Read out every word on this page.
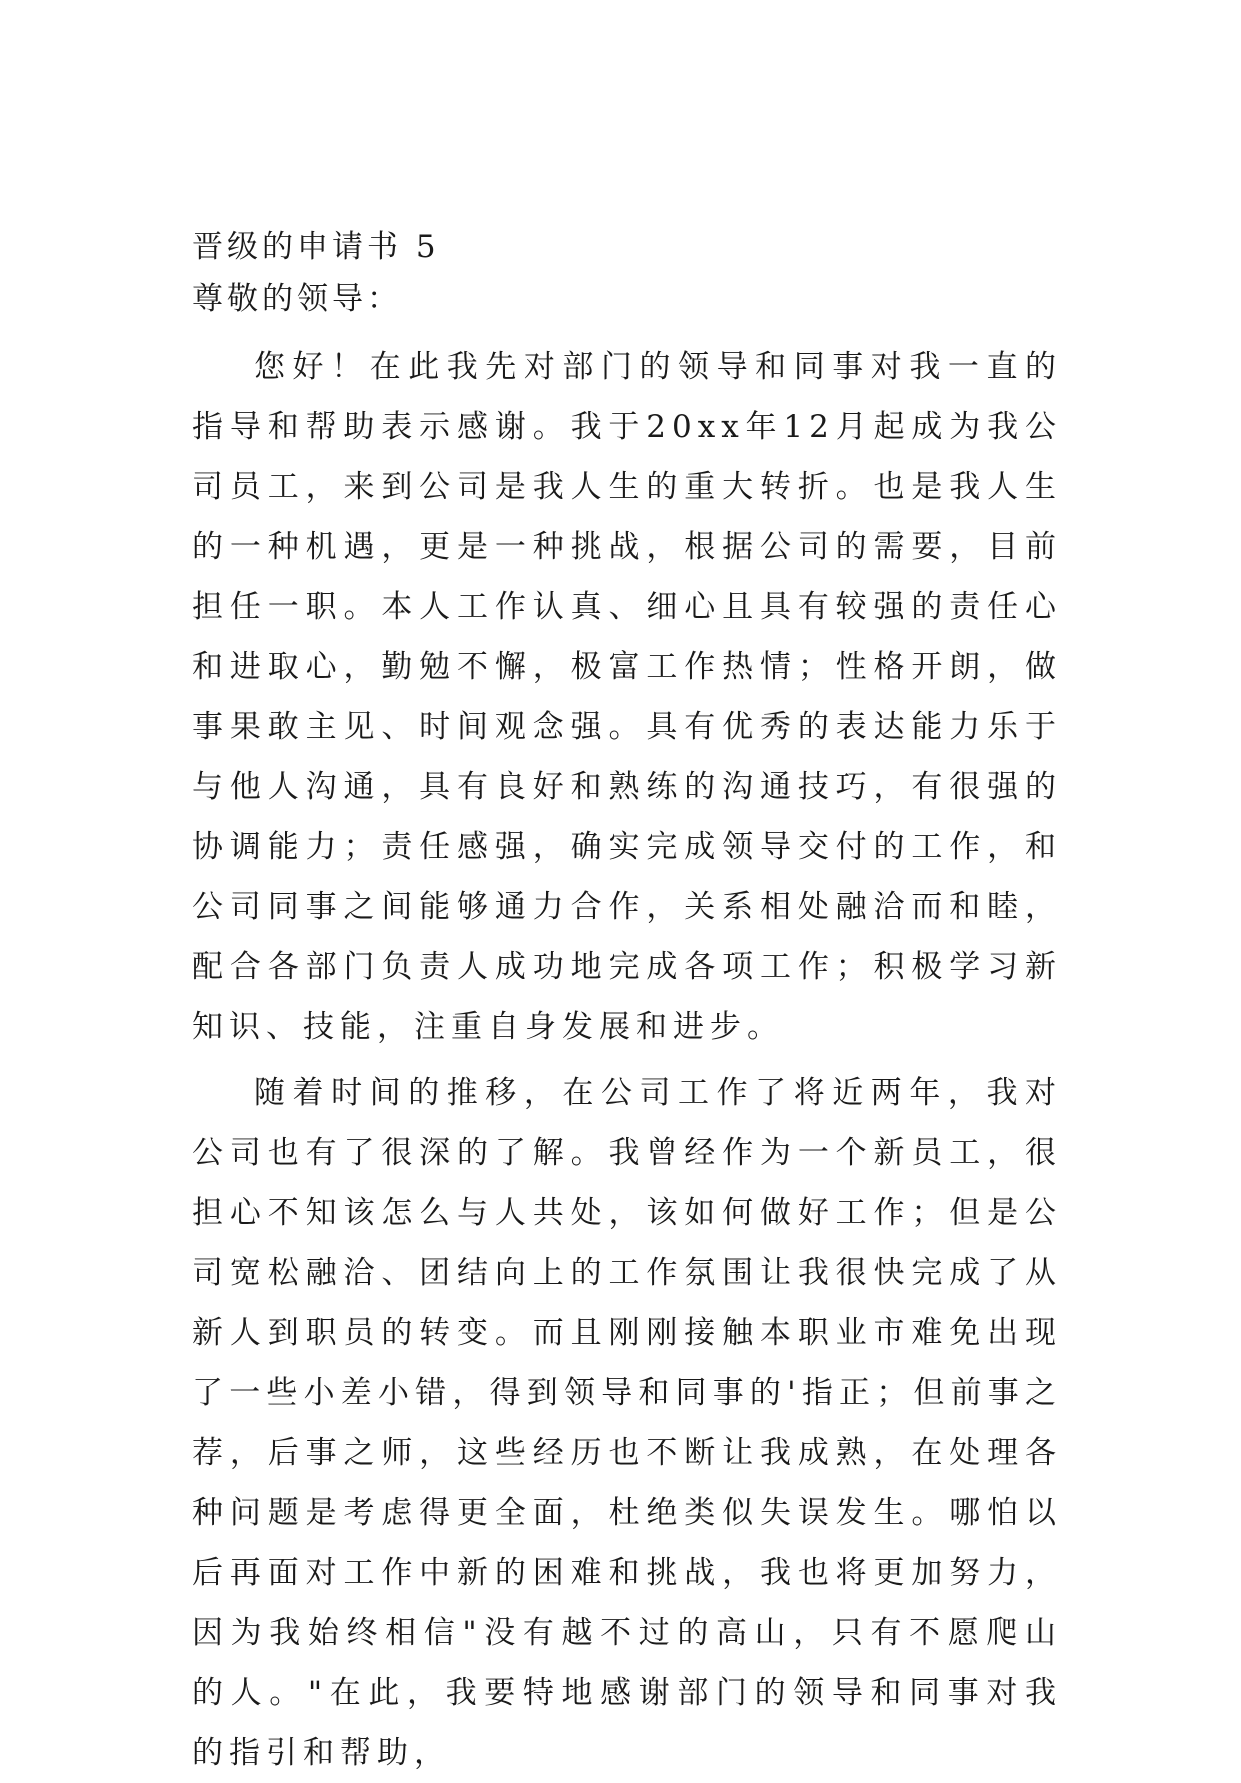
晋级的申请书 5
尊敬的领导：

您好！在此我先对部门的领导和同事对我一直的指导和帮助表示感谢。我于20xx年12月起成为我公司员工，来到公司是我人生的重大转折。也是我人生的一种机遇，更是一种挑战，根据公司的需要，目前担任一职。本人工作认真、细心且具有较强的责任心和进取心，勤勉不懈，极富工作热情；性格开朗，做事果敢主见、时间观念强。具有优秀的表达能力乐于与他人沟通，具有良好和熟练的沟通技巧，有很强的协调能力；责任感强，确实完成领导交付的工作，和公司同事之间能够通力合作，关系相处融洽而和睦，配合各部门负责人成功地完成各项工作；积极学习新知识、技能，注重自身发展和进步。

随着时间的推移，在公司工作了将近两年，我对公司也有了很深的了解。我曾经作为一个新员工，很担心不知该怎么与人共处，该如何做好工作；但是公司宽松融洽、团结向上的工作氛围让我很快完成了从新人到职员的转变。而且刚刚接触本职业市难免出现了一些小差小错，得到领导和同事的'指正；但前事之荐，后事之师，这些经历也不断让我成熟，在处理各种问题是考虑得更全面，杜绝类似失误发生。哪怕以后再面对工作中新的困难和挑战，我也将更加努力，因为我始终相信"没有越不过的高山，只有不愿爬山的人。"在此，我要特地感谢部门的领导和同事对我的指引和帮助，
